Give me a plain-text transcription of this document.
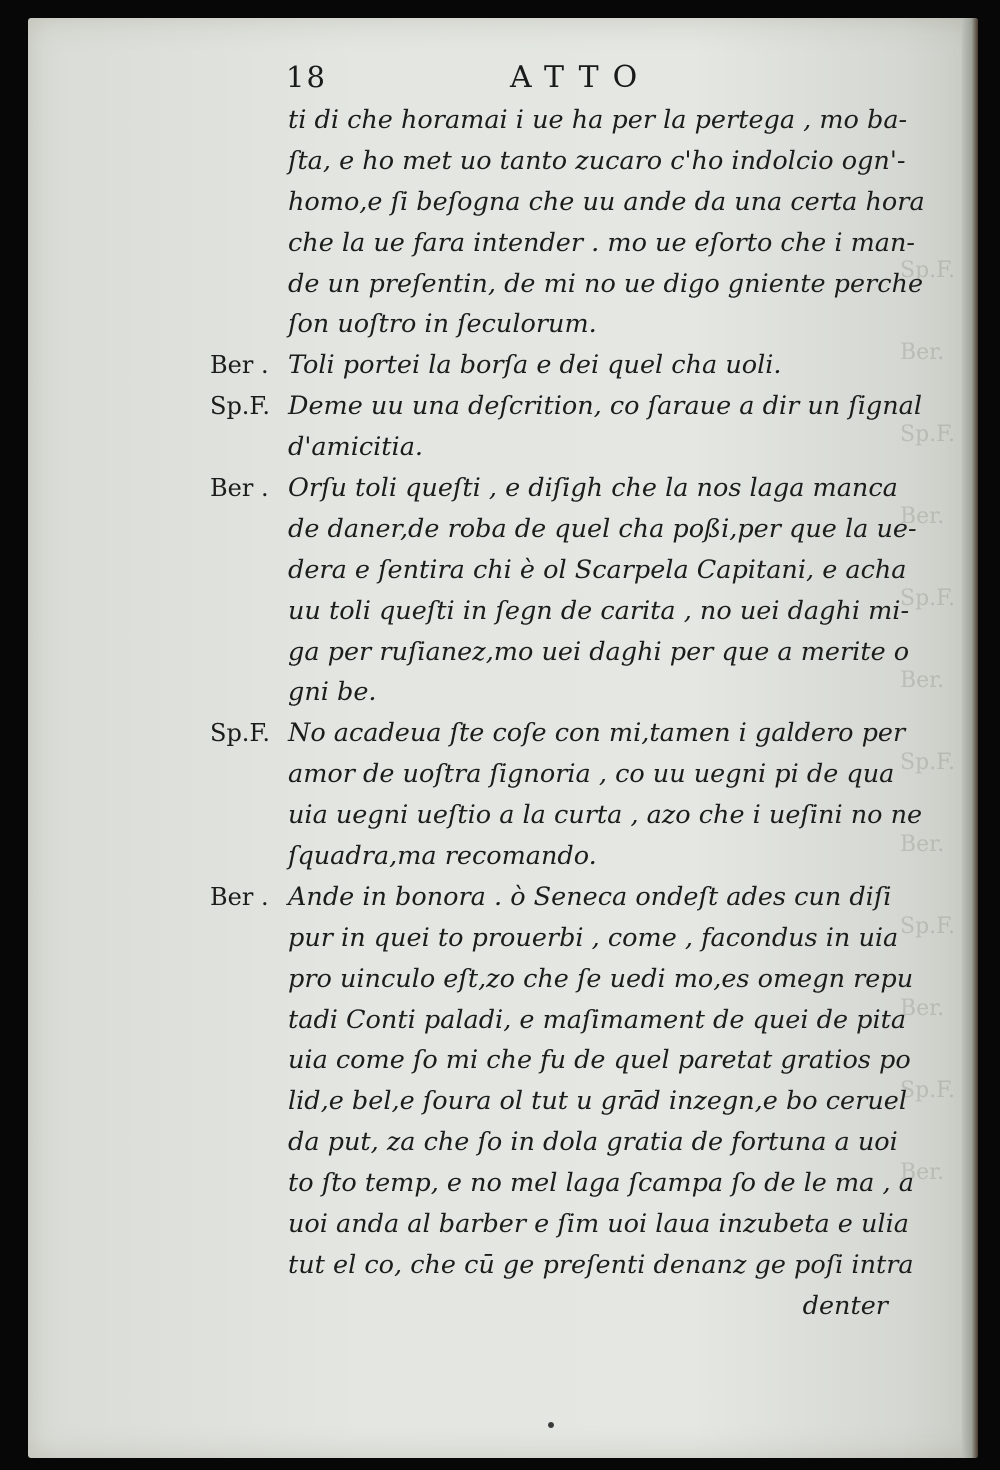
Sp.F.
Ber.
Sp.F.
Ber.
Sp.F.
Ber.
Sp.F.
Ber.
Sp.F.
Ber.
Sp.F.
Ber.
18	ATTO
ti di che horamai i ue ha per la pertega , mo ba-
ſta, e ho met uo tanto zucaro c'ho indolcio ogn'-
homo,e ſi beſogna che uu ande da una certa hora
che la ue fara intender . mo ue eſorto che i man-
de un preſentin, de mi no ue digo gniente perche
ſon uoſtro in ſeculorum.
Ber . Toli portei la borſa e dei quel cha uoli.
Sp.F. Deme uu una deſcrition, co ſaraue a dir un ſignal
d'amicitia.
Ber . Orſu toli queſti , e diſigh che la nos laga manca
de daner,de roba de quel cha poßi,per que la ue-
dera e ſentira chi è ol Scarpela Capitani, e acha
uu toli queſti in ſegn de carita , no uei daghi mi-
ga per ruſianez,mo uei daghi per que a merite o
gni be.
Sp.F. No acadeua ſte coſe con mi,tamen i galdero per
amor de uoſtra ſignoria , co uu uegni pi de qua
uia uegni ueſtio a la curta , azo che i ueſini no ne
ſquadra,ma recomando.
Ber . Ande in bonora . ò Seneca ondeſt ades cun diſi
pur in quei to prouerbi , come , facondus in uia
pro uinculo eſt,zo che ſe uedi mo,es omegn repu
tadi Conti paladi, e maſimament de quei de pita
uia come ſo mi che fu de quel paretat gratios po
lid,e bel,e ſoura ol tut u grād inzegn,e bo ceruel
da put, za che ſo in dola gratia de fortuna a uoi
to ſto temp, e no mel laga ſcampa ſo de le ma , a
uoi anda al barber e ſim uoi laua inzubeta e ulia
tut el co, che cū ge preſenti denanz ge poſi intra
denter
